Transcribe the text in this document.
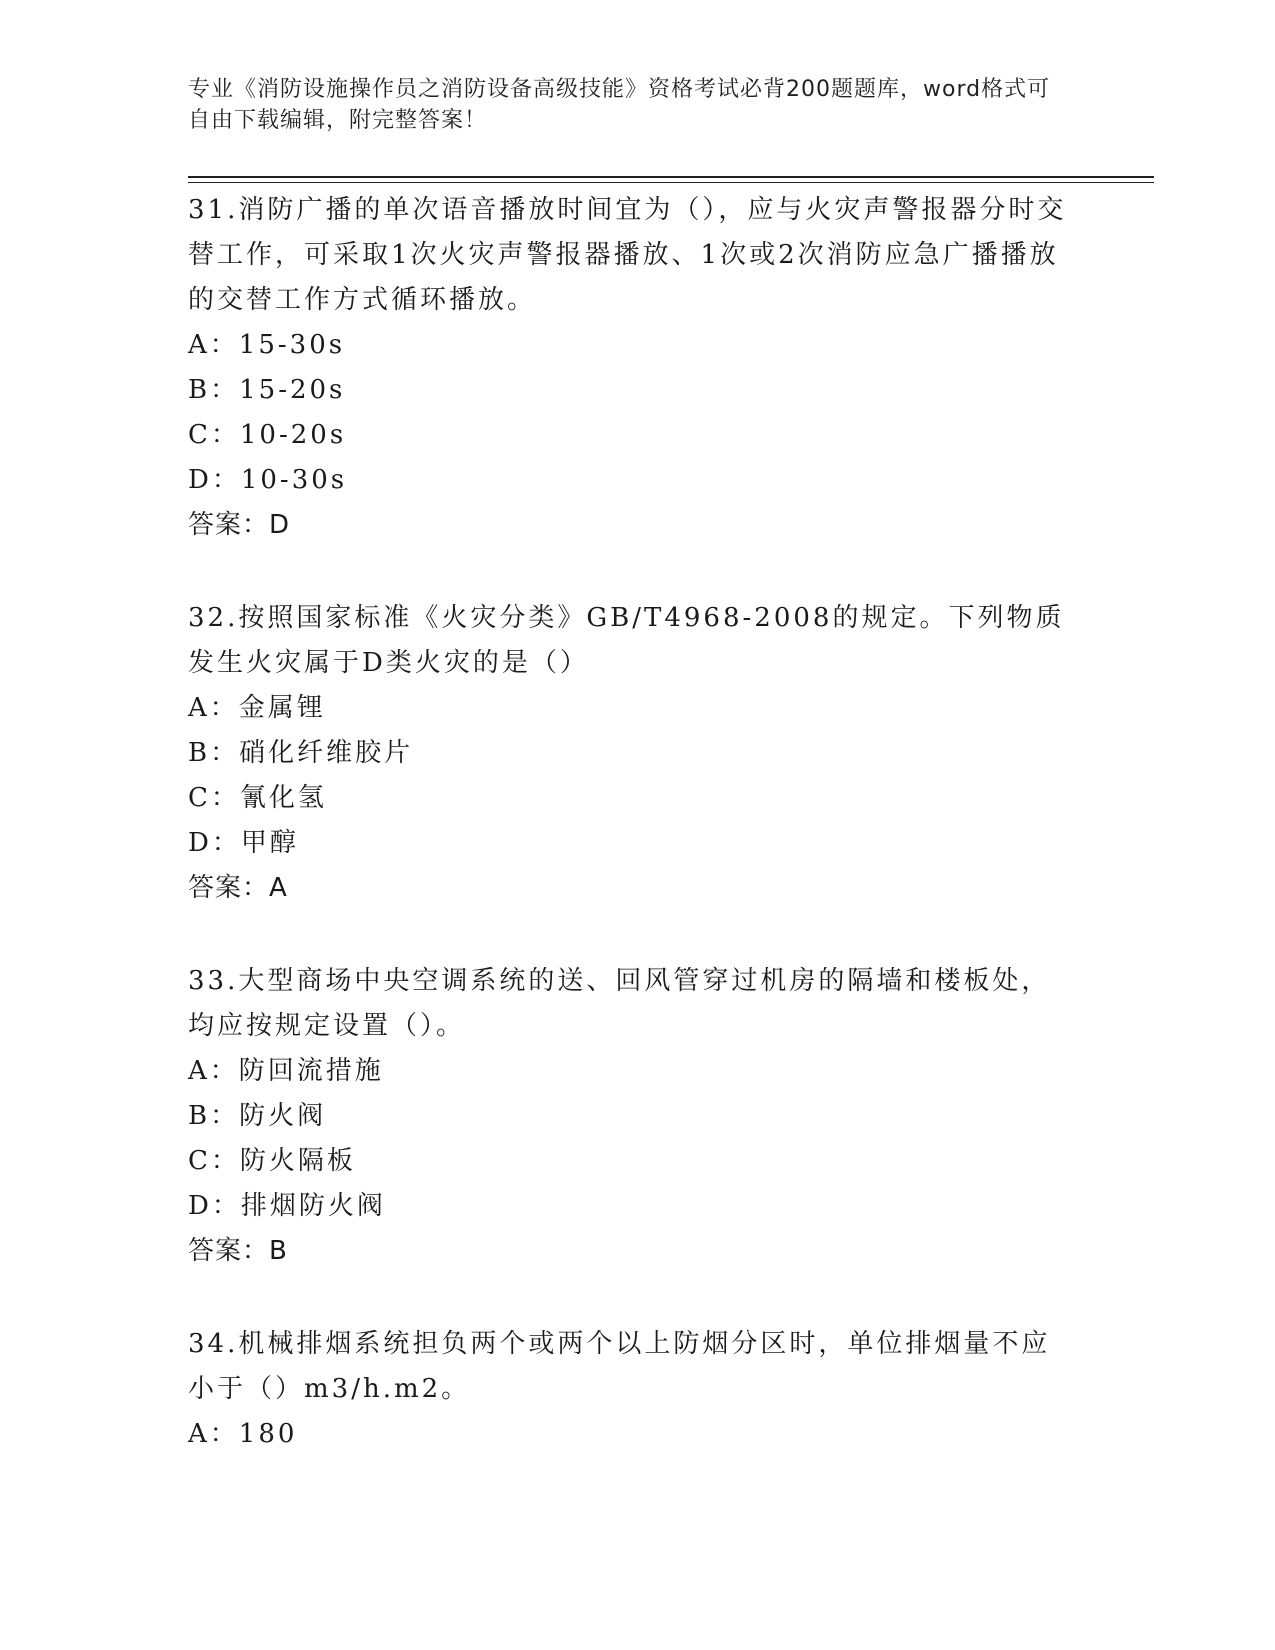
专业《消防设施操作员之消防设备高级技能》资格考试必背200题题库，word格式可自由下载编辑，附完整答案！

31.消防广播的单次语音播放时间宜为（），应与火灾声警报器分时交替工作，可采取1次火灾声警报器播放、1次或2次消防应急广播播放的交替工作方式循环播放。

A：15-30s

B：15-20s

C：10-20s

D：10-30s

答案：D

32.按照国家标准《火灾分类》GB/T4968-2008的规定。下列物质发生火灾属于D类火灾的是（）

A：金属锂

B：硝化纤维胶片

C：氰化氢

D：甲醇

答案：A

33.大型商场中央空调系统的送、回风管穿过机房的隔墙和楼板处，均应按规定设置（）。

A：防回流措施

B：防火阀

C：防火隔板

D：排烟防火阀

答案：B

34.机械排烟系统担负两个或两个以上防烟分区时，单位排烟量不应小于（）m3/h.m2。

A：180
